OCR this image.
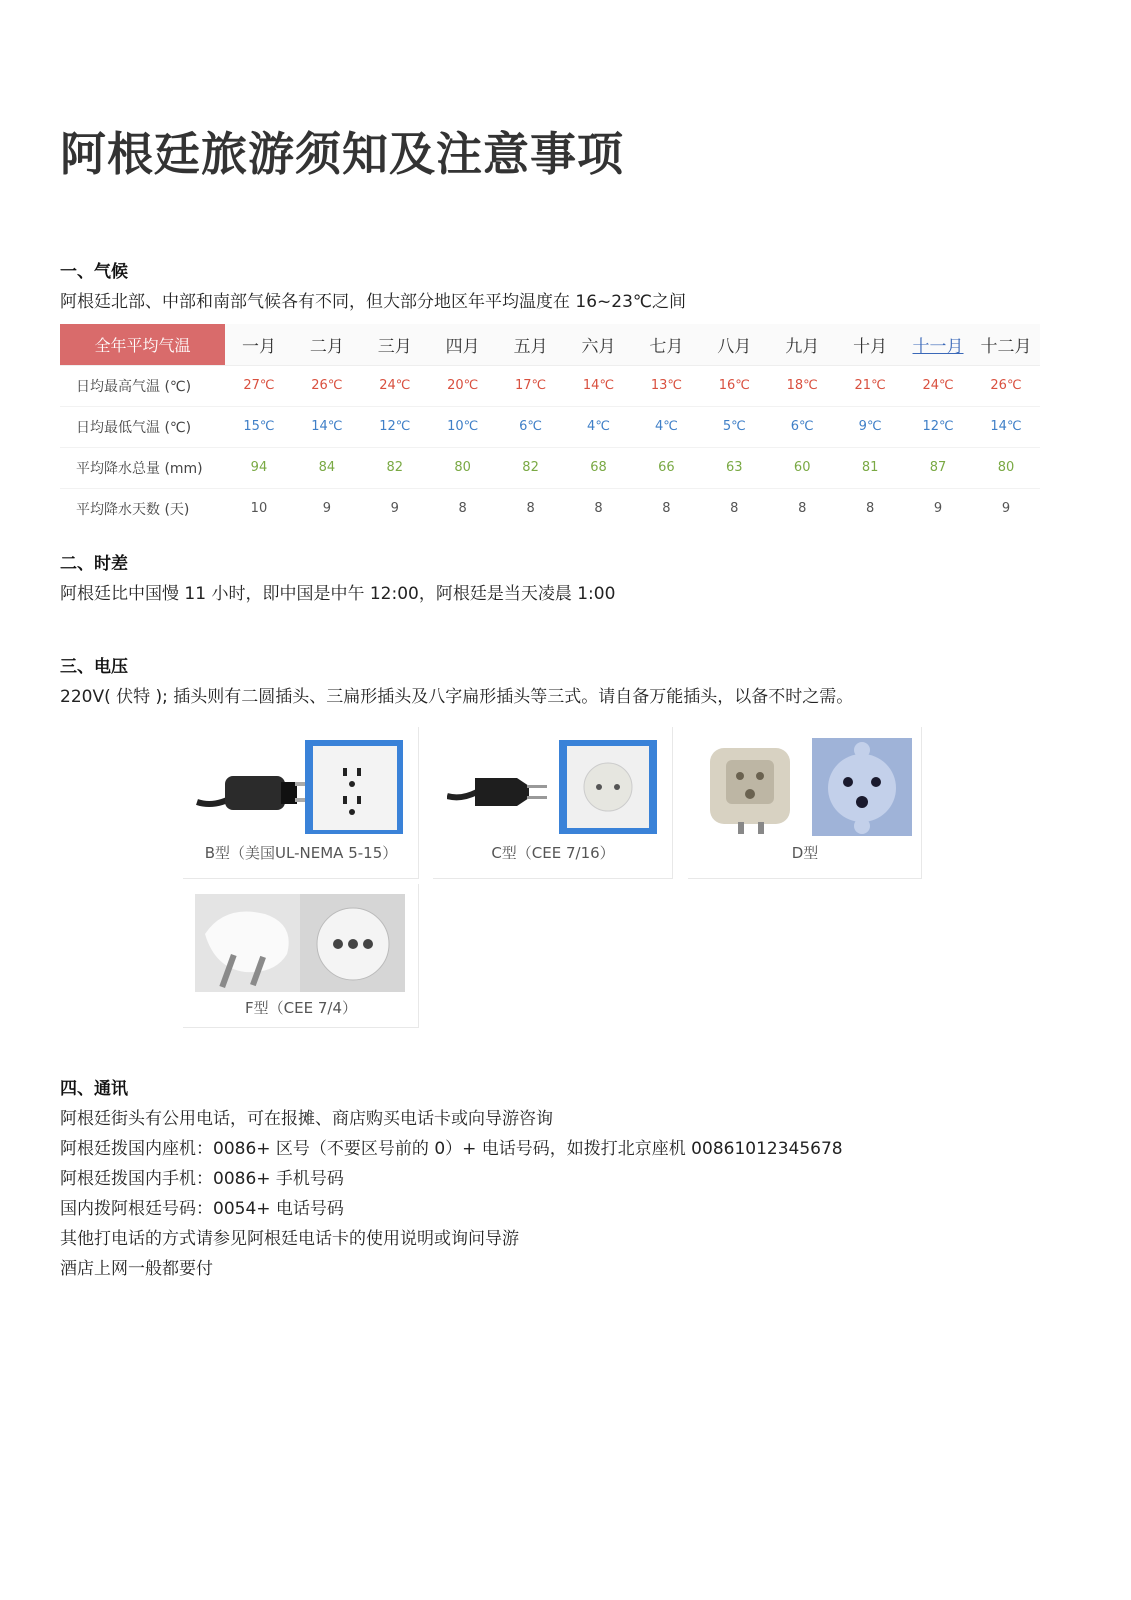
阿根廷旅游须知及注意事项
一、气候
阿根廷北部、中部和南部气候各有不同，但大部分地区年平均温度在 16~23℃之间
全年平均气温	一月	二月	三月	四月	五月	六月	七月	八月	九月	十月	十一月	十二月
日均最高气温 (℃)	27℃	26℃	24℃	20℃	17℃	14℃	13℃	16℃	18℃	21℃	24℃	26℃
日均最低气温 (℃)	15℃	14℃	12℃	10℃	6℃	4℃	4℃	5℃	6℃	9℃	12℃	14℃
平均降水总量 (mm)	94	84	82	80	82	68	66	63	60	81	87	80
平均降水天数 (天)	10	9	9	8	8	8	8	8	8	8	9	9
二、时差
阿根廷比中国慢 11 小时，即中国是中午 12:00，阿根廷是当天凌晨 1:00
三、电压
220V( 伏特 ); 插头则有二圆插头、三扁形插头及八字扁形插头等三式。请自备万能插头，以备不时之需。
B型（美国UL-NEMA 5-15）	C型（CEE 7/16）	D型
F型（CEE 7/4）
四、通讯
阿根廷街头有公用电话，可在报摊、商店购买电话卡或向导游咨询
阿根廷拨国内座机：0086+ 区号（不要区号前的 0）+ 电话号码，如拨打北京座机 00861012345678
阿根廷拨国内手机：0086+ 手机号码
国内拨阿根廷号码：0054+ 电话号码
其他打电话的方式请参见阿根廷电话卡的使用说明或询问导游
酒店上网一般都要付
